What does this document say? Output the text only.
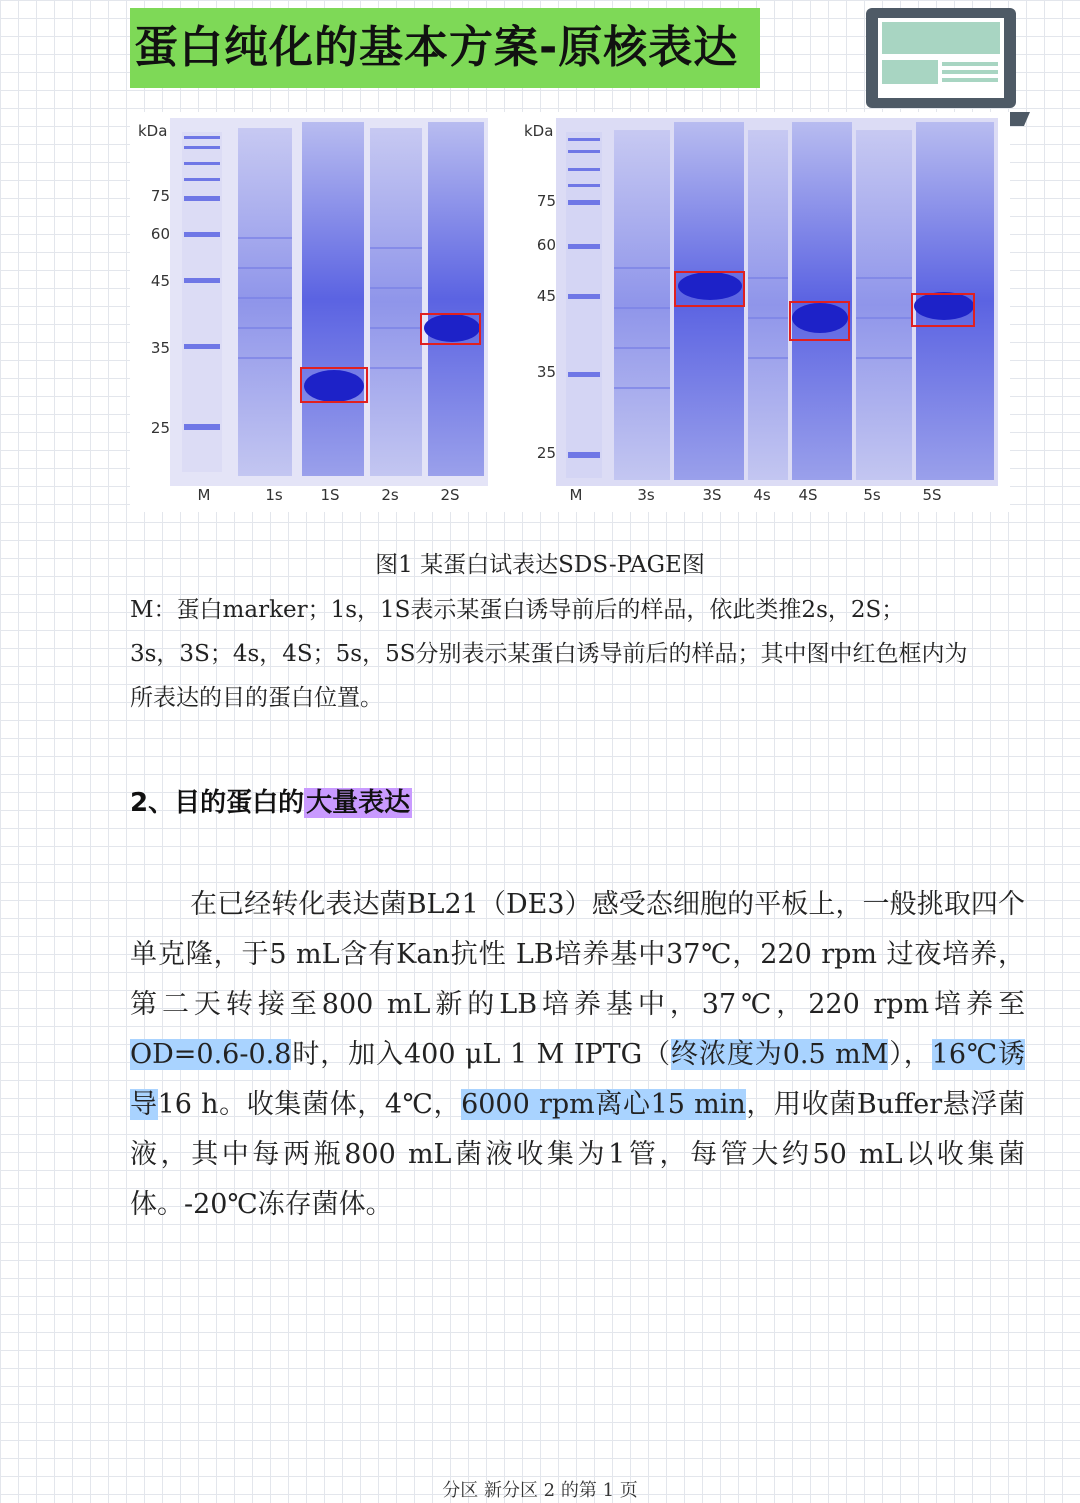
蛋白纯化的基本方案-原核表达
kDa
75
60
45
35
25
M	1s	1S	2s	2S
kDa
75
60
45
35
25
M	3s	3S	4s	4S	5s	5S
图1 某蛋白试表达SDS-PAGE图
M：蛋白marker；1s，1S表示某蛋白诱导前后的样品，依此类推2s，2S；
3s，3S；4s，4S；5s，5S分别表示某蛋白诱导前后的样品；其中图中红色框内为
所表达的目的蛋白位置。
2、目的蛋白的大量表达
在已经转化表达菌BL21（DE3）感受态细胞的平板上，一般挑取四个单克隆，于5 mL含有Kan抗性 LB培养基中37℃，220 rpm 过夜培养，第二天转接至800 mL新的LB培养基中，37℃，220 rpm培养至OD=0.6-0.8时，加入400 μL 1 M IPTG（终浓度为0.5 mM），16℃诱导16 h。收集菌体，4℃，6000 rpm离心15 min，用收菌Buffer悬浮菌液，其中每两瓶800 mL菌液收集为1管，每管大约50 mL以收集菌体。-20℃冻存菌体。
分区 新分区 2 的第 1 页
